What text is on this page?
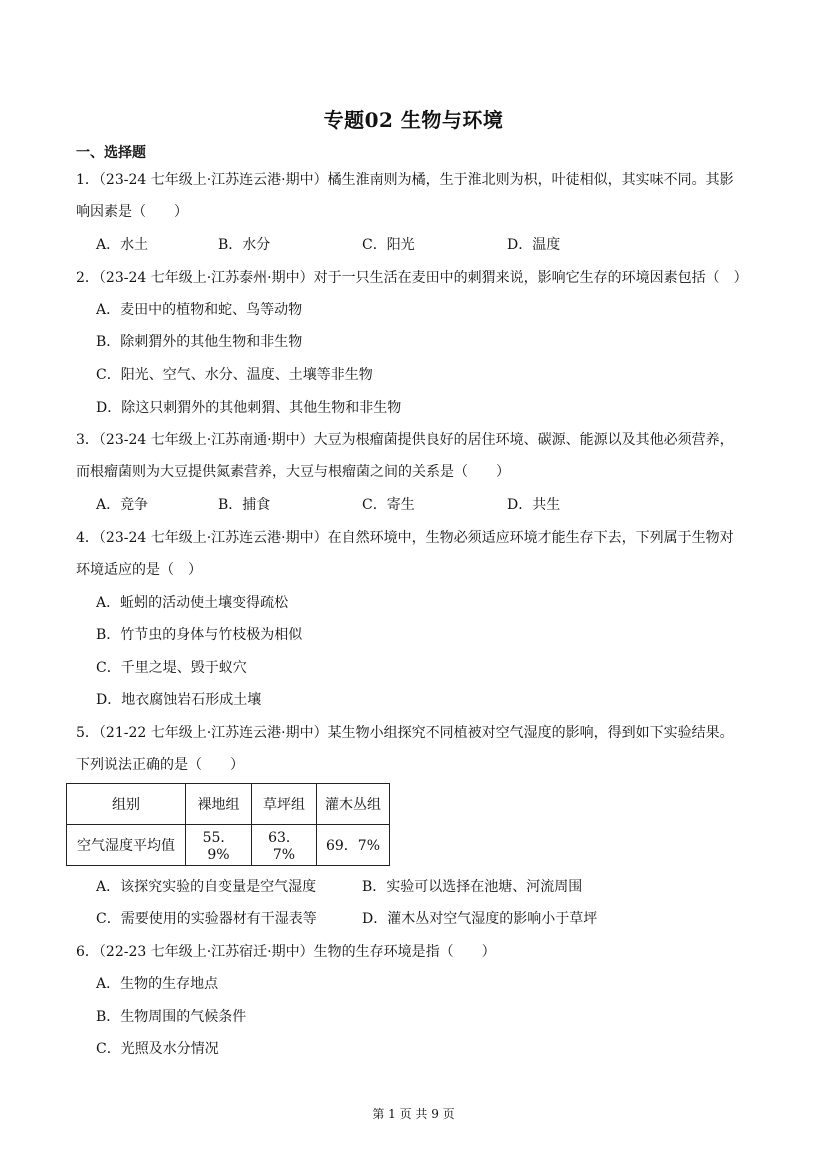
专题02 生物与环境
一、选择题
1．（23-24 七年级上·江苏连云港·期中）橘生淮南则为橘，生于淮北则为枳，叶徒相似，其实味不同。其影
响因素是（　　）
A．水土	B．水分	C．阳光	D．温度
2．（23-24 七年级上·江苏泰州·期中）对于一只生活在麦田中的刺猬来说，影响它生存的环境因素包括（　）
A．麦田中的植物和蛇、鸟等动物
B．除刺猬外的其他生物和非生物
C．阳光、空气、水分、温度、土壤等非生物
D．除这只刺猬外的其他刺猬、其他生物和非生物
3．（23-24 七年级上·江苏南通·期中）大豆为根瘤菌提供良好的居住环境、碳源、能源以及其他必须营养，
而根瘤菌则为大豆提供氮素营养，大豆与根瘤菌之间的关系是（　　）
A．竞争	B．捕食	C．寄生	D．共生
4．（23-24 七年级上·江苏连云港·期中）在自然环境中，生物必须适应环境才能生存下去，下列属于生物对
环境适应的是（　）
A．蚯蚓的活动使土壤变得疏松
B．竹节虫的身体与竹枝极为相似
C．千里之堤、毁于蚁穴
D．地衣腐蚀岩石形成土壤
5．（21-22 七年级上·江苏连云港·期中）某生物小组探究不同植被对空气湿度的影响，得到如下实验结果。
下列说法正确的是（　　）
组别	裸地组	草坪组	灌木丛组
空气湿度平均值	55．9%	63．7%	69．7%
A．该探究实验的自变量是空气湿度	B．实验可以选择在池塘、河流周围
C．需要使用的实验器材有干湿表等	D．灌木丛对空气湿度的影响小于草坪
6．（22-23 七年级上·江苏宿迁·期中）生物的生存环境是指（　　）
A．生物的生存地点
B．生物周围的气候条件
C．光照及水分情况
第 1 页 共 9 页
